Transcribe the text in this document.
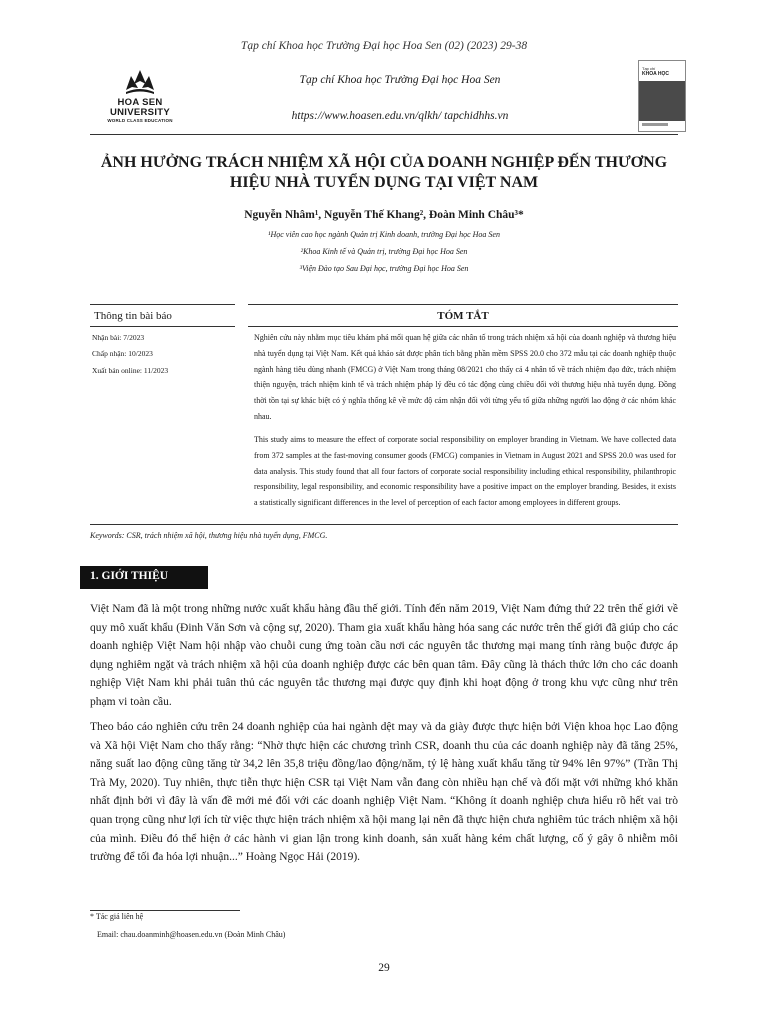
Tạp chí Khoa học Trường Đại học Hoa Sen (02) (2023) 29-38
HOA SEN
UNIVERSITY
WORLD CLASS EDUCATION
Tạp chí Khoa học Trường Đại học Hoa Sen
https://www.hoasen.edu.vn/qlkh/ tapchidhhs.vn
Tạp chí
KHOA HỌC
ẢNH HƯỞNG TRÁCH NHIỆM XÃ HỘI CỦA DOANH NGHIỆP ĐẾN THƯƠNG HIỆU NHÀ TUYỂN DỤNG TẠI VIỆT NAM
Nguyễn Nhâm¹, Nguyễn Thế Khang², Đoàn Minh Châu³*
¹Học viên cao học ngành Quản trị Kinh doanh, trường Đại học Hoa Sen
²Khoa Kinh tế và Quản trị, trường Đại học Hoa Sen
³Viện Đào tạo Sau Đại học, trường Đại học Hoa Sen
Thông tin bài báo
Nhận bài: 7/2023
Chấp nhận: 10/2023
Xuất bản online: 11/2023
TÓM TẮT
Nghiên cứu này nhằm mục tiêu khám phá mối quan hệ giữa các nhân tố trong trách nhiệm xã hội của doanh nghiệp và thương hiệu nhà tuyển dụng tại Việt Nam. Kết quả khảo sát được phân tích bằng phần mềm SPSS 20.0 cho 372 mẫu tại các doanh nghiệp thuộc ngành hàng tiêu dùng nhanh (FMCG) ở Việt Nam trong tháng 08/2021 cho thấy cả 4 nhân tố về trách nhiệm đạo đức, trách nhiệm thiện nguyện, trách nhiệm kinh tế và trách nhiệm pháp lý đều có tác động cùng chiều đối với thương hiệu nhà tuyển dụng. Đồng thời tồn tại sự khác biệt có ý nghĩa thống kê về mức độ cảm nhận đối với từng yếu tố giữa những người lao động ở các nhóm khác nhau.
This study aims to measure the effect of corporate social responsibility on employer branding in Vietnam. We have collected data from 372 samples at the fast-moving consumer goods (FMCG) companies in Vietnam in August 2021 and SPSS 20.0 was used for data analysis. This study found that all four factors of corporate social responsibility including ethical responsibility, philanthropic responsibility, legal responsibility, and economic responsibility have a positive impact on the employer branding. Besides, it exists a statistically significant differences in the level of perception of each factor among employees in different groups.
Keywords: CSR, trách nhiệm xã hội, thương hiệu nhà tuyển dụng, FMCG.
1. GIỚI THIỆU
Việt Nam đã là một trong những nước xuất khẩu hàng đầu thế giới. Tính đến năm 2019, Việt Nam đứng thứ 22 trên thế giới về quy mô xuất khẩu (Đinh Văn Sơn và cộng sự, 2020). Tham gia xuất khẩu hàng hóa sang các nước trên thế giới đã giúp cho các doanh nghiệp Việt Nam hội nhập vào chuỗi cung ứng toàn cầu nơi các nguyên tắc thương mại mang tính ràng buộc được áp dụng nghiêm ngặt và trách nhiệm xã hội của doanh nghiệp được các bên quan tâm. Đây cũng là thách thức lớn cho các doanh nghiệp Việt Nam khi phải tuân thủ các nguyên tắc thương mại được quy định khi hoạt động ở trong khu vực cũng như trên phạm vi toàn cầu.
Theo báo cáo nghiên cứu trên 24 doanh nghiệp của hai ngành dệt may và da giày được thực hiện bởi Viện khoa học Lao động và Xã hội Việt Nam cho thấy rằng: “Nhờ thực hiện các chương trình CSR, doanh thu của các doanh nghiệp này đã tăng 25%, năng suất lao động cũng tăng từ 34,2 lên 35,8 triệu đồng/lao động/năm, tỷ lệ hàng xuất khẩu tăng từ 94% lên 97%” (Trần Thị Trà My, 2020). Tuy nhiên, thực tiễn thực hiện CSR tại Việt Nam vẫn đang còn nhiều hạn chế và đối mặt với những khó khăn nhất định bởi vì đây là vấn đề mới mẻ đối với các doanh nghiệp Việt Nam. “Không ít doanh nghiệp chưa hiểu rõ hết vai trò quan trọng cũng như lợi ích từ việc thực hiện trách nhiệm xã hội mang lại nên đã thực hiện chưa nghiêm túc trách nhiệm xã hội của mình. Điều đó thể hiện ở các hành vi gian lận trong kinh doanh, sản xuất hàng kém chất lượng, cố ý gây ô nhiễm môi trường để tối đa hóa lợi nhuận...” Hoàng Ngọc Hải (2019).
* Tác giả liên hệ
Email: chau.doanminh@hoasen.edu.vn (Đoàn Minh Châu)
29
